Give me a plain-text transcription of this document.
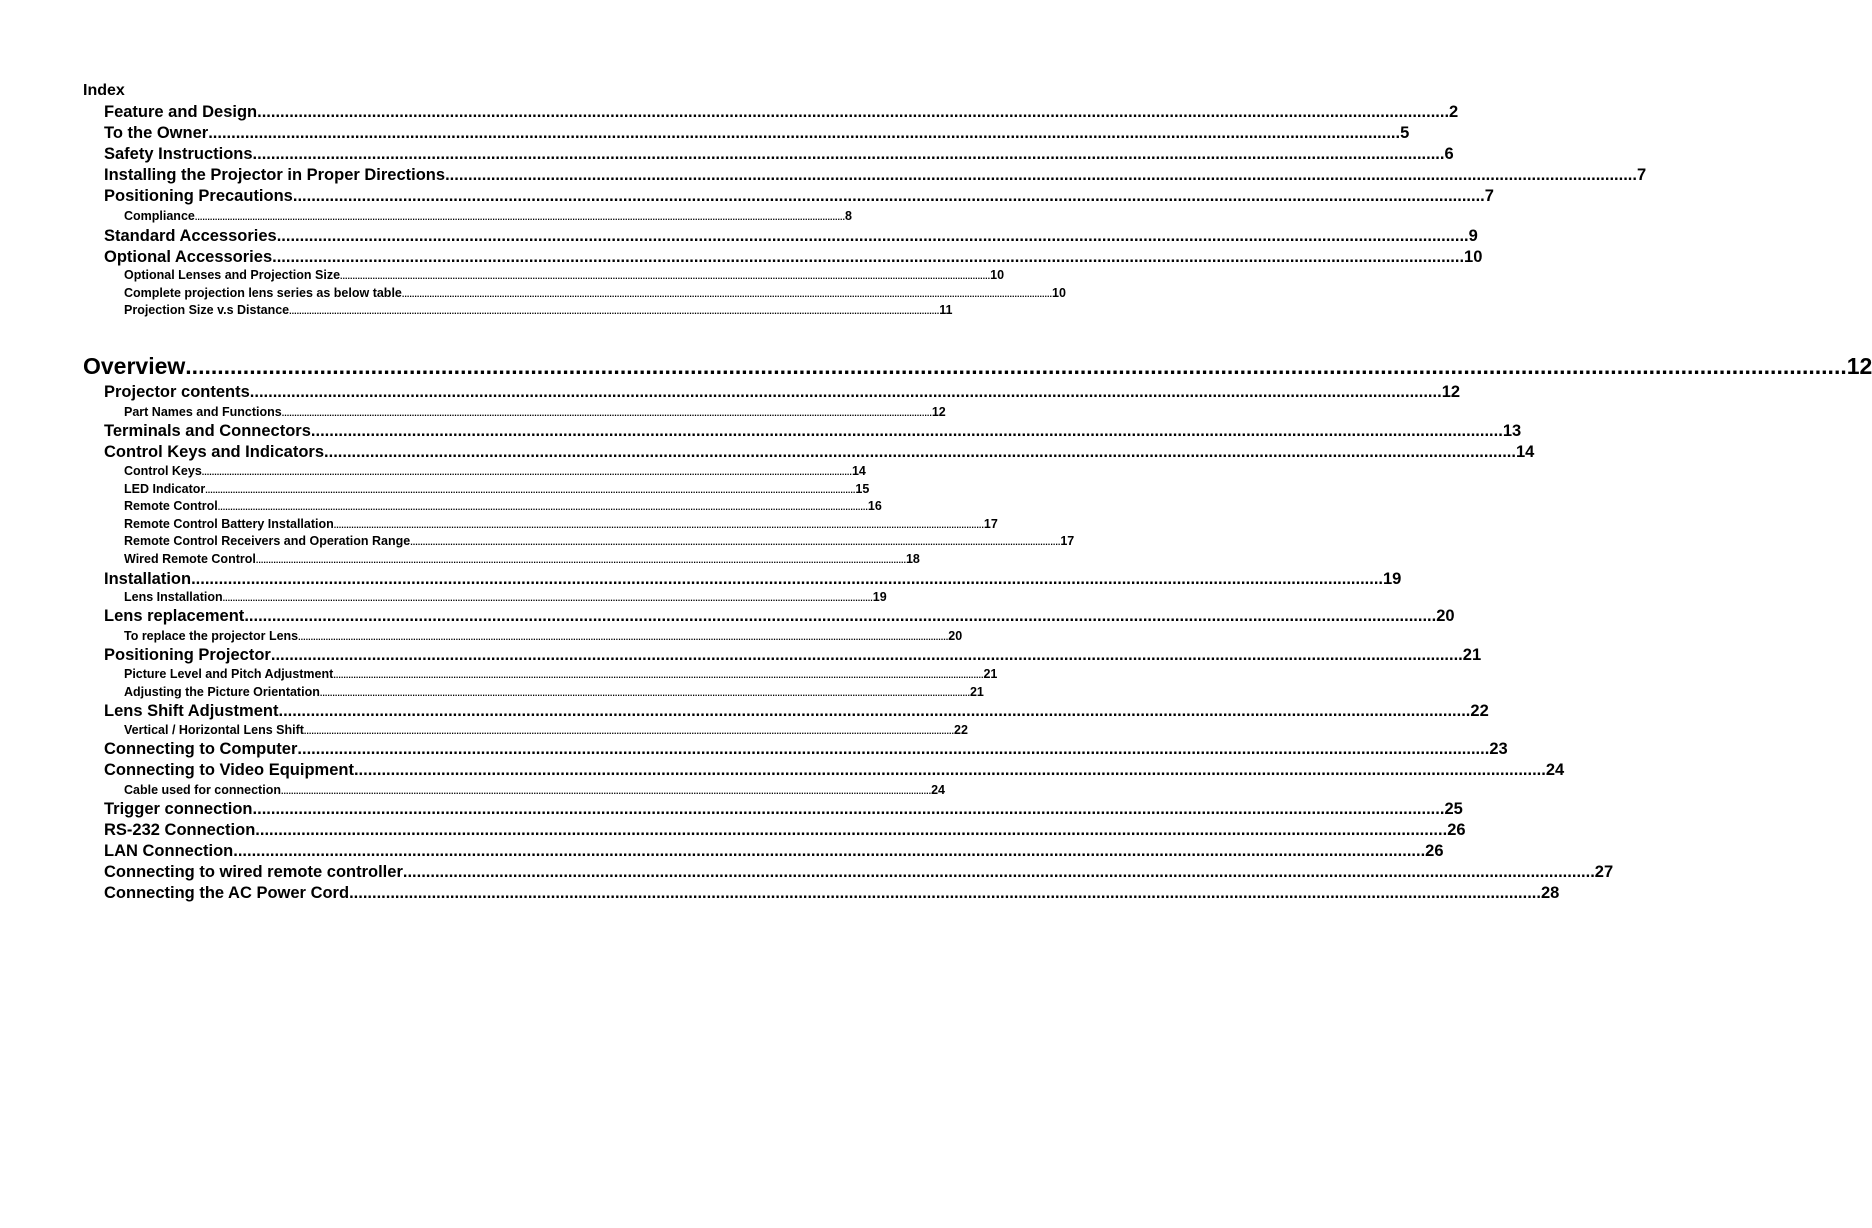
Index
Feature and Design .................................................................................................................................................................................................................................................................... 2
To the Owner .................................................................................................................................................................................................................................................................... 5
Safety Instructions .................................................................................................................................................................................................................................................................... 6
Installing the Projector in Proper Directions .................................................................................................................................................................................................................................................................... 7
Positioning Precautions .................................................................................................................................................................................................................................................................... 7
Compliance .................................................................................................................................................................................................................................................................... 8
Standard Accessories .................................................................................................................................................................................................................................................................... 9
Optional Accessories .................................................................................................................................................................................................................................................................... 10
Optional Lenses and Projection Size .................................................................................................................................................................................................................................................................... 10
Complete projection lens series as below table .................................................................................................................................................................................................................................................................... 10
Projection Size v.s Distance .................................................................................................................................................................................................................................................................... 11
Overview .................................................................................................................................................................................................................................................................... 12
Projector contents .................................................................................................................................................................................................................................................................... 12
Part Names and Functions .................................................................................................................................................................................................................................................................... 12
Terminals and Connectors .................................................................................................................................................................................................................................................................... 13
Control Keys and Indicators .................................................................................................................................................................................................................................................................... 14
Control Keys .................................................................................................................................................................................................................................................................... 14
LED Indicator .................................................................................................................................................................................................................................................................... 15
Remote Control .................................................................................................................................................................................................................................................................... 16
Remote Control Battery Installation .................................................................................................................................................................................................................................................................... 17
Remote Control Receivers and Operation Range .................................................................................................................................................................................................................................................................... 17
Wired Remote Control .................................................................................................................................................................................................................................................................... 18
Installation .................................................................................................................................................................................................................................................................... 19
Lens Installation .................................................................................................................................................................................................................................................................... 19
Lens replacement .................................................................................................................................................................................................................................................................... 20
To replace the projector Lens .................................................................................................................................................................................................................................................................... 20
Positioning Projector .................................................................................................................................................................................................................................................................... 21
Picture Level and Pitch Adjustment .................................................................................................................................................................................................................................................................... 21
Adjusting the Picture Orientation .................................................................................................................................................................................................................................................................... 21
Lens Shift Adjustment .................................................................................................................................................................................................................................................................... 22
Vertical / Horizontal Lens Shift .................................................................................................................................................................................................................................................................... 22
Connecting to Computer .................................................................................................................................................................................................................................................................... 23
Connecting to Video Equipment .................................................................................................................................................................................................................................................................... 24
Cable used for connection .................................................................................................................................................................................................................................................................... 24
Trigger connection .................................................................................................................................................................................................................................................................... 25
RS-232 Connection .................................................................................................................................................................................................................................................................... 26
LAN Connection .................................................................................................................................................................................................................................................................... 26
Connecting to wired remote controller .................................................................................................................................................................................................................................................................... 27
Connecting the AC Power Cord .................................................................................................................................................................................................................................................................... 28
